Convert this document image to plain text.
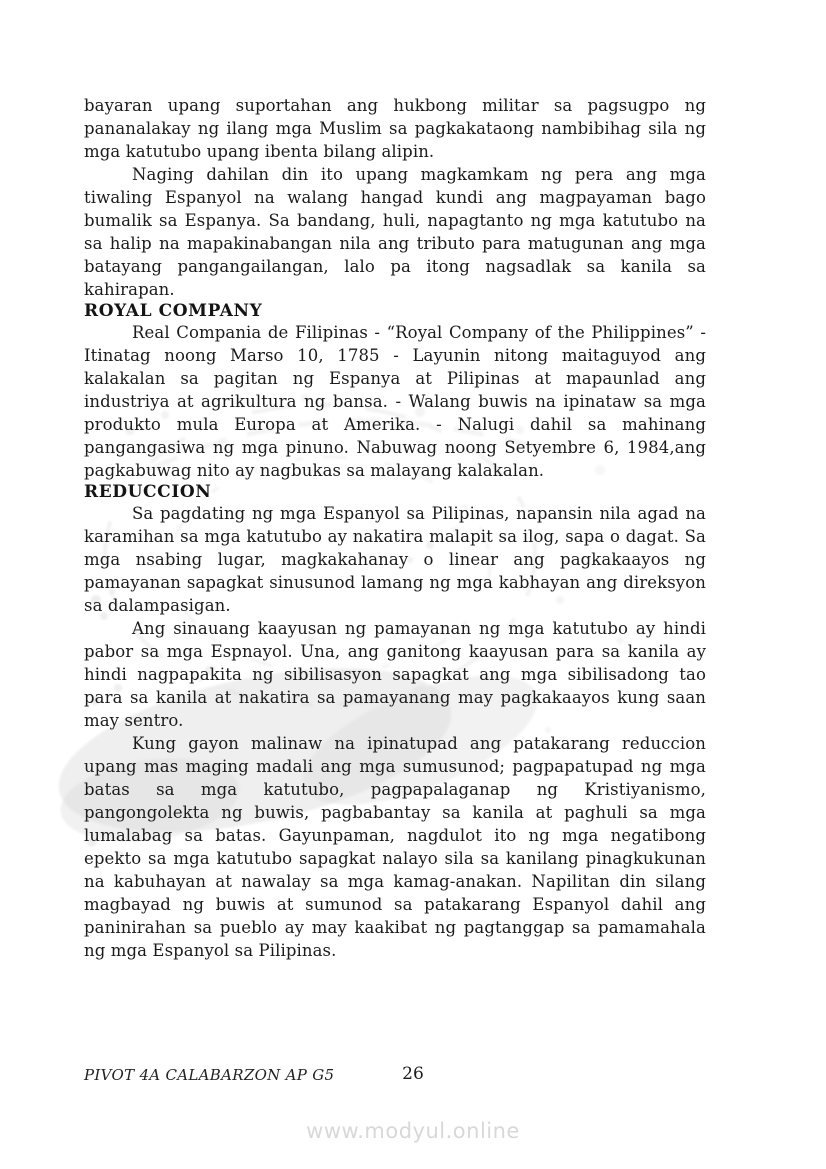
bayaran upang suportahan ang hukbong militar sa pagsugpo ng pananalakay ng ilang mga Muslim sa pagkakataong nambibihag sila ng mga katutubo upang ibenta bilang alipin.

Naging dahilan din ito upang magkamkam ng pera ang mga tiwaling Espanyol na walang hangad kundi ang magpayaman bago bumalik sa Espanya. Sa bandang, huli, napagtanto ng mga katutubo na sa halip na mapakinabangan nila ang tributo para matugunan ang mga batayang pangangailangan, lalo pa itong nagsadlak sa kanila sa kahirapan.

ROYAL COMPANY

Real Compania de Filipinas - “Royal Company of the Philippines” - Itinatag noong Marso 10, 1785 - Layunin nitong maitaguyod ang kalakalan sa pagitan ng Espanya at Pilipinas at mapaunlad ang industriya at agrikultura ng bansa. - Walang buwis na ipinataw sa mga produkto mula Europa at Amerika. - Nalugi dahil sa mahinang pangangasiwa ng mga pinuno. Nabuwag noong Setyembre 6, 1984,ang pagkabuwag nito ay nagbukas sa malayang kalakalan.

REDUCCION

Sa pagdating ng mga Espanyol sa Pilipinas, napansin nila agad na karamihan sa mga katutubo ay nakatira malapit sa ilog, sapa o dagat. Sa mga nsabing lugar, magkakahanay o linear ang pagkakaayos ng pamayanan sapagkat sinusunod lamang ng mga kabhayan ang direksyon sa dalampasigan.

Ang sinauang kaayusan ng pamayanan ng mga katutubo ay hindi pabor sa mga Espnayol. Una, ang ganitong kaayusan para sa kanila ay hindi nagpapakita ng sibilisasyon sapagkat ang mga sibilisadong tao para sa kanila at nakatira sa pamayanang may pagkakaayos kung saan may sentro.

Kung gayon malinaw na ipinatupad ang patakarang reduccion upang mas maging madali ang mga sumusunod; pagpapatupad ng mga batas sa mga katutubo, pagpapalaganap ng Kristiyanismo, pangongolekta ng buwis, pagbabantay sa kanila at paghuli sa mga lumalabag sa batas. Gayunpaman, nagdulot ito ng mga negatibong epekto sa mga katutubo sapagkat nalayo sila sa kanilang pinagkukunan na kabuhayan at nawalay sa mga kamag-anakan. Napilitan din silang magbayad ng buwis at sumunod sa patakarang Espanyol dahil ang paninirahan sa pueblo ay may kaakibat ng pagtanggap sa pamamahala ng mga Espanyol sa Pilipinas.

PIVOT 4A CALABARZON AP G5	26
www.modyul.online
